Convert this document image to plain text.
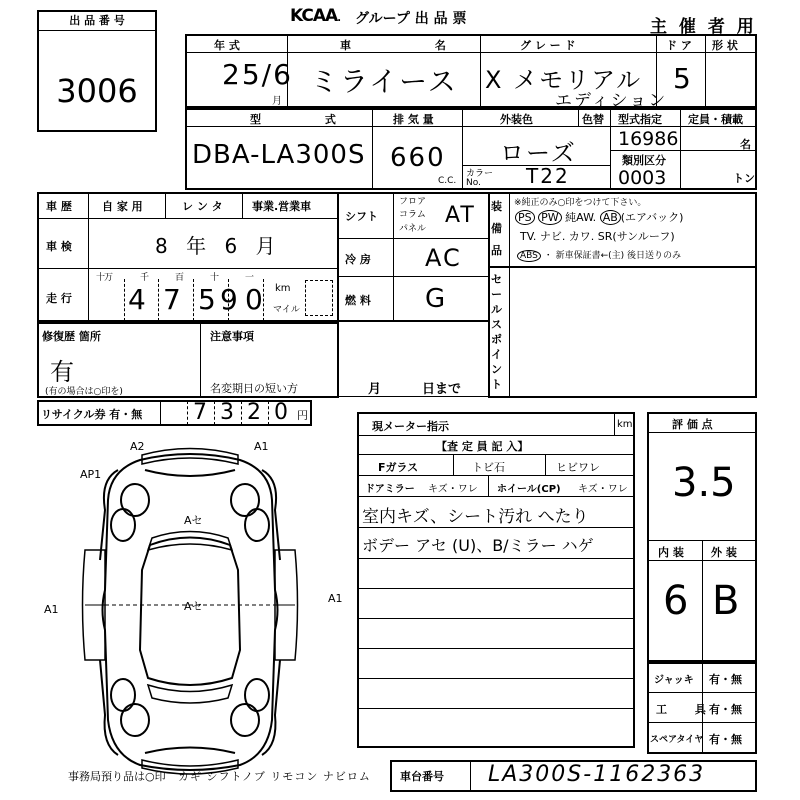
出 品 番 号
3006
KCAA. グループ 出 品 票	主 催 者 用
年 式
25/6
月
車 名
ミライース
グ レ ー ド
X メモリアル
エディション
ド ア
5
形 状
型 式
DBA-LA300S
排 気 量
660
C.C.
外装色	色替
ローズ
カラー No.	T22
型式指定
16986
類別区分
0003
定員・積載
名
トン
車 歴	自 家 用	レ ン タ	事業.営業車
車 検	8 年 6 月
走 行
十
万	千	百	十	一
4 7 5 9 0 km
マイル
修復歴 箇所
有
(有の場合は○印を)
注意事項
名変期日の短い方	月	日まで
リサイクル券 有・無 7 3 2 0 円
シフト
フロア
コラム
パネル
AT
冷 房 AC
燃 料 G
装備品
※純正のみ○印をつけて下さい。
PS PW 純AW. AB (エアバック)
TV. ナビ. カワ. SR(サンルーフ)
ABS ・ 新車保証書←(主) 後日送りのみ
セールスポイント
A2	A1
AP1
A1
A1
Aセ
Aセ
現メーター指示	km
【査 定 員 記 入】
Fガラス	トビ石	ヒビワレ
ドアミラー キズ・ワレ ホイール(CP) キズ・ワレ
室内キズ、シート汚れ へたり
ボデー アセ (U)、B/ミラー ハゲ
評 価 点
3.5
内 装 外 装
6 B
ジャッキ 有・無
工 具
有・無
スペアタイヤ 有・無
事務局預り品は○印 カギ シフトノブ リモコン ナビロム	車台番号 LA300S-1162363
